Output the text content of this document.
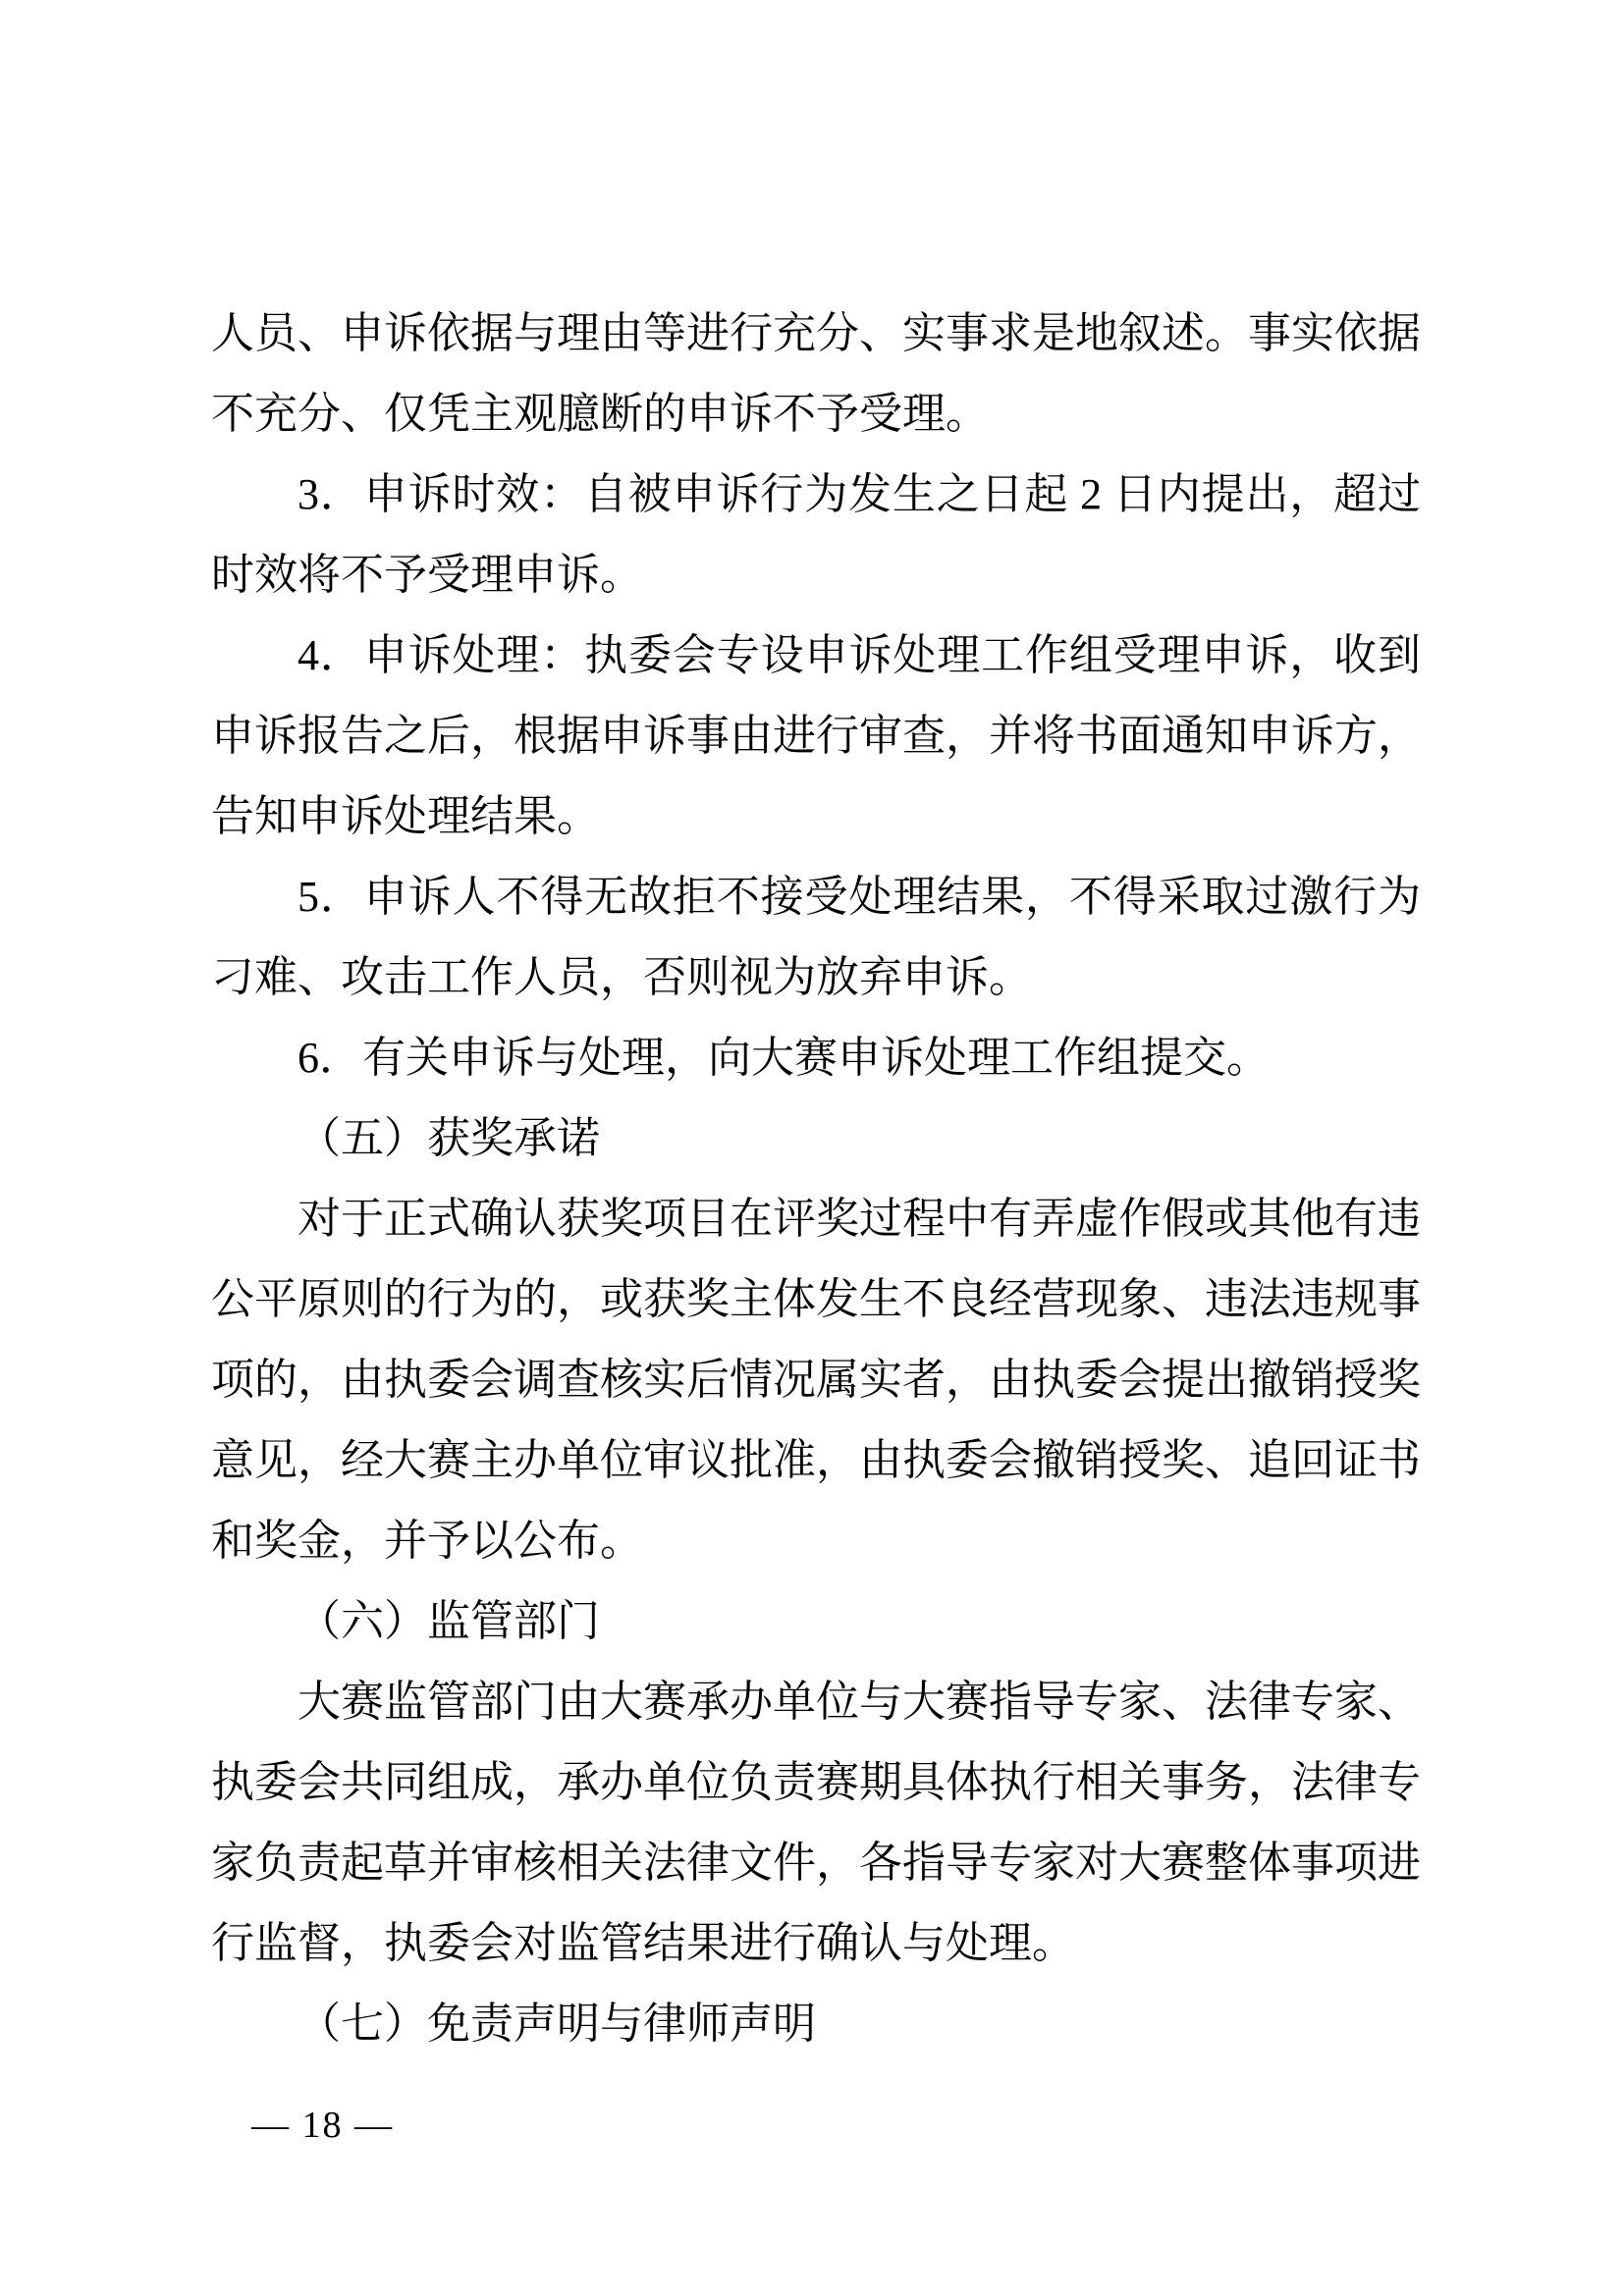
人员、申诉依据与理由等进行充分、实事求是地叙述。事实依据不充分、仅凭主观臆断的申诉不予受理。

3．申诉时效：自被申诉行为发生之日起 2 日内提出，超过时效将不予受理申诉。

4．申诉处理：执委会专设申诉处理工作组受理申诉，收到申诉报告之后，根据申诉事由进行审查，并将书面通知申诉方，告知申诉处理结果。

5．申诉人不得无故拒不接受处理结果，不得采取过激行为刁难、攻击工作人员，否则视为放弃申诉。

6．有关申诉与处理，向大赛申诉处理工作组提交。

（五）获奖承诺

对于正式确认获奖项目在评奖过程中有弄虚作假或其他有违公平原则的行为的，或获奖主体发生不良经营现象、违法违规事项的，由执委会调查核实后情况属实者，由执委会提出撤销授奖意见，经大赛主办单位审议批准，由执委会撤销授奖、追回证书和奖金，并予以公布。

（六）监管部门

大赛监管部门由大赛承办单位与大赛指导专家、法律专家、执委会共同组成，承办单位负责赛期具体执行相关事务，法律专家负责起草并审核相关法律文件，各指导专家对大赛整体事项进行监督，执委会对监管结果进行确认与处理。

（七）免责声明与律师声明

— 18 —
